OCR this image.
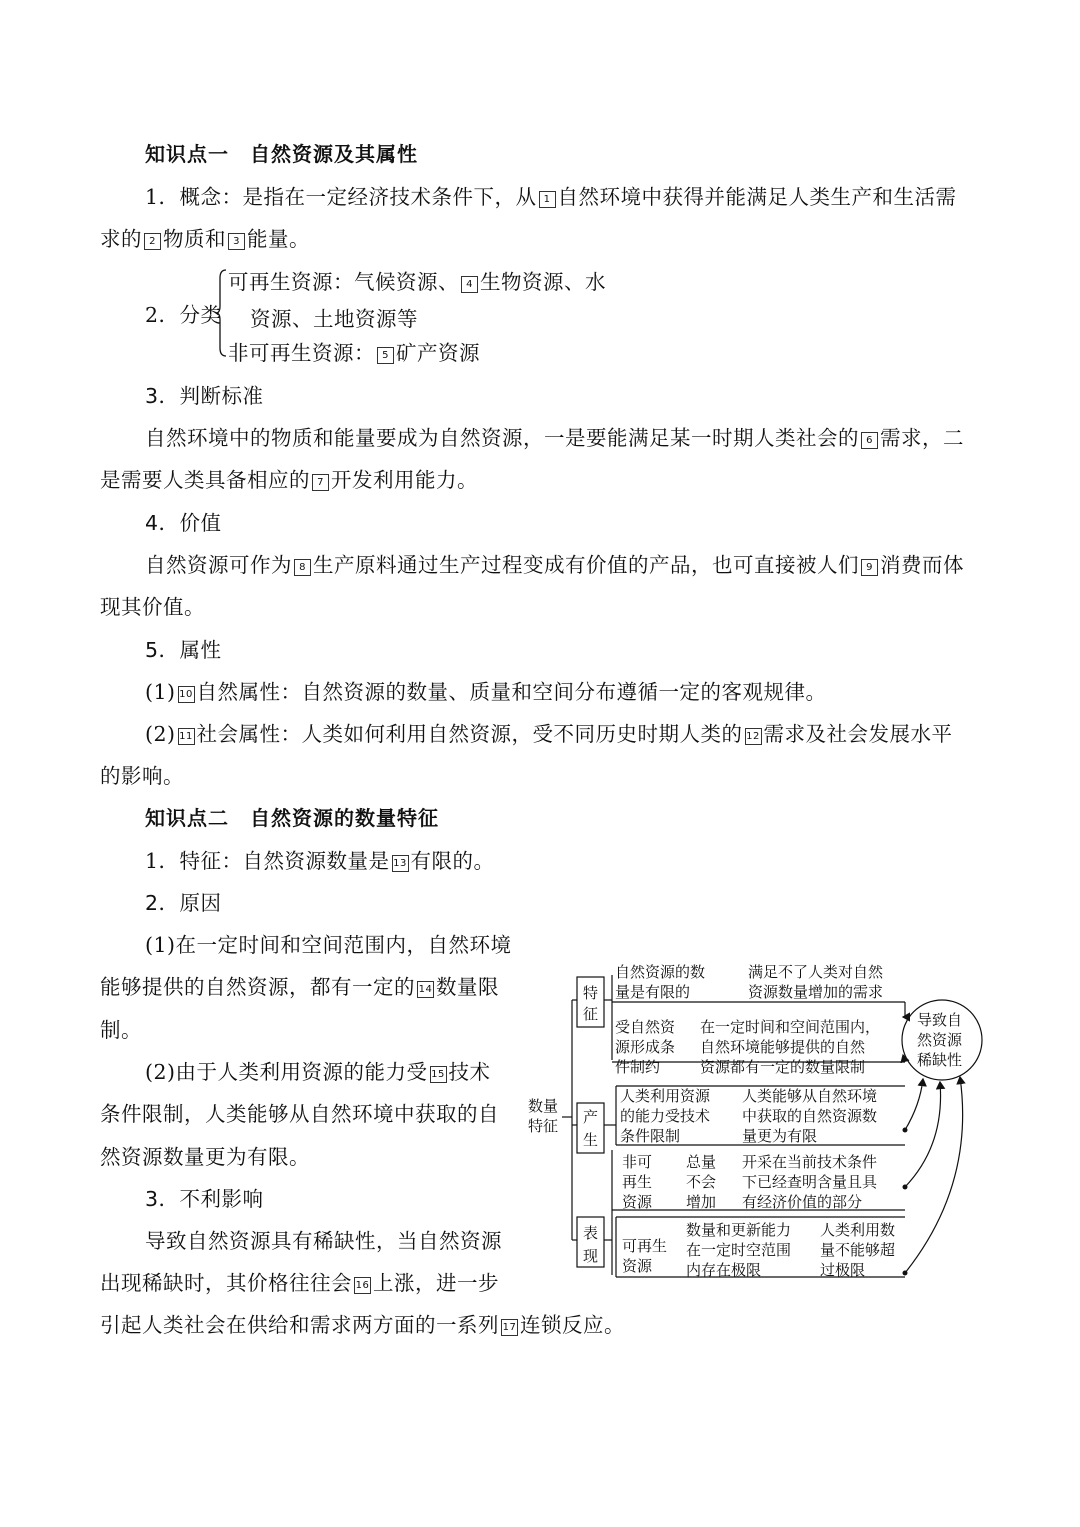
知识点一　自然资源及其属性
1．概念：是指在一定经济技术条件下，从 1 自然环境中获得并能满足人类生产和生活需
求的 2 物质和 3 能量。
2．分类
可再生资源：气候资源、 4 生物资源、水
资源、土地资源等
非可再生资源： 5 矿产资源
3．判断标准
自然环境中的物质和能量要成为自然资源，一是要能满足某一时期人类社会的 6 需求，二
是需要人类具备相应的 7 开发利用能力。
4．价值
自然资源可作为 8 生产原料通过生产过程变成有价值的产品，也可直接被人们 9 消费而体
现其价值。
5．属性
(1) 10 自然属性：自然资源的数量、质量和空间分布遵循一定的客观规律。
(2) 11 社会属性：人类如何利用自然资源，受不同历史时期人类的 12 需求及社会发展水平
的影响。
知识点二　自然资源的数量特征
1．特征：自然资源数量是 13 有限的。
2．原因
(1)在一定时间和空间范围内，自然环境
能够提供的自然资源，都有一定的 14 数量限
制。
(2)由于人类利用资源的能力受 15 技术
条件限制，人类能够从自然环境中获取的自
然资源数量更为有限。
3．不利影响
导致自然资源具有稀缺性，当自然资源
出现稀缺时，其价格往往会 16 上涨，进一步
引起人类社会在供给和需求两方面的一系列 17 连锁反应。
数量
特征
特
征
产
生
表
现
自然资源的数
量是有限的
满足不了人类对自然
资源数量增加的需求
受自然资
源形成条
件制约
在一定时间和空间范围内，
自然环境能够提供的自然
资源都有一定的数量限制
人类利用资源
的能力受技术
条件限制
人类能够从自然环境
中获取的自然资源数
量更为有限
非可
再生
资源
总量
不会
增加
开采在当前技术条件
下已经查明含量且具
有经济价值的部分
可再生
资源
数量和更新能力
在一定时空范围
内存在极限
人类利用数
量不能够超
过极限
导致自
然资源
稀缺性
